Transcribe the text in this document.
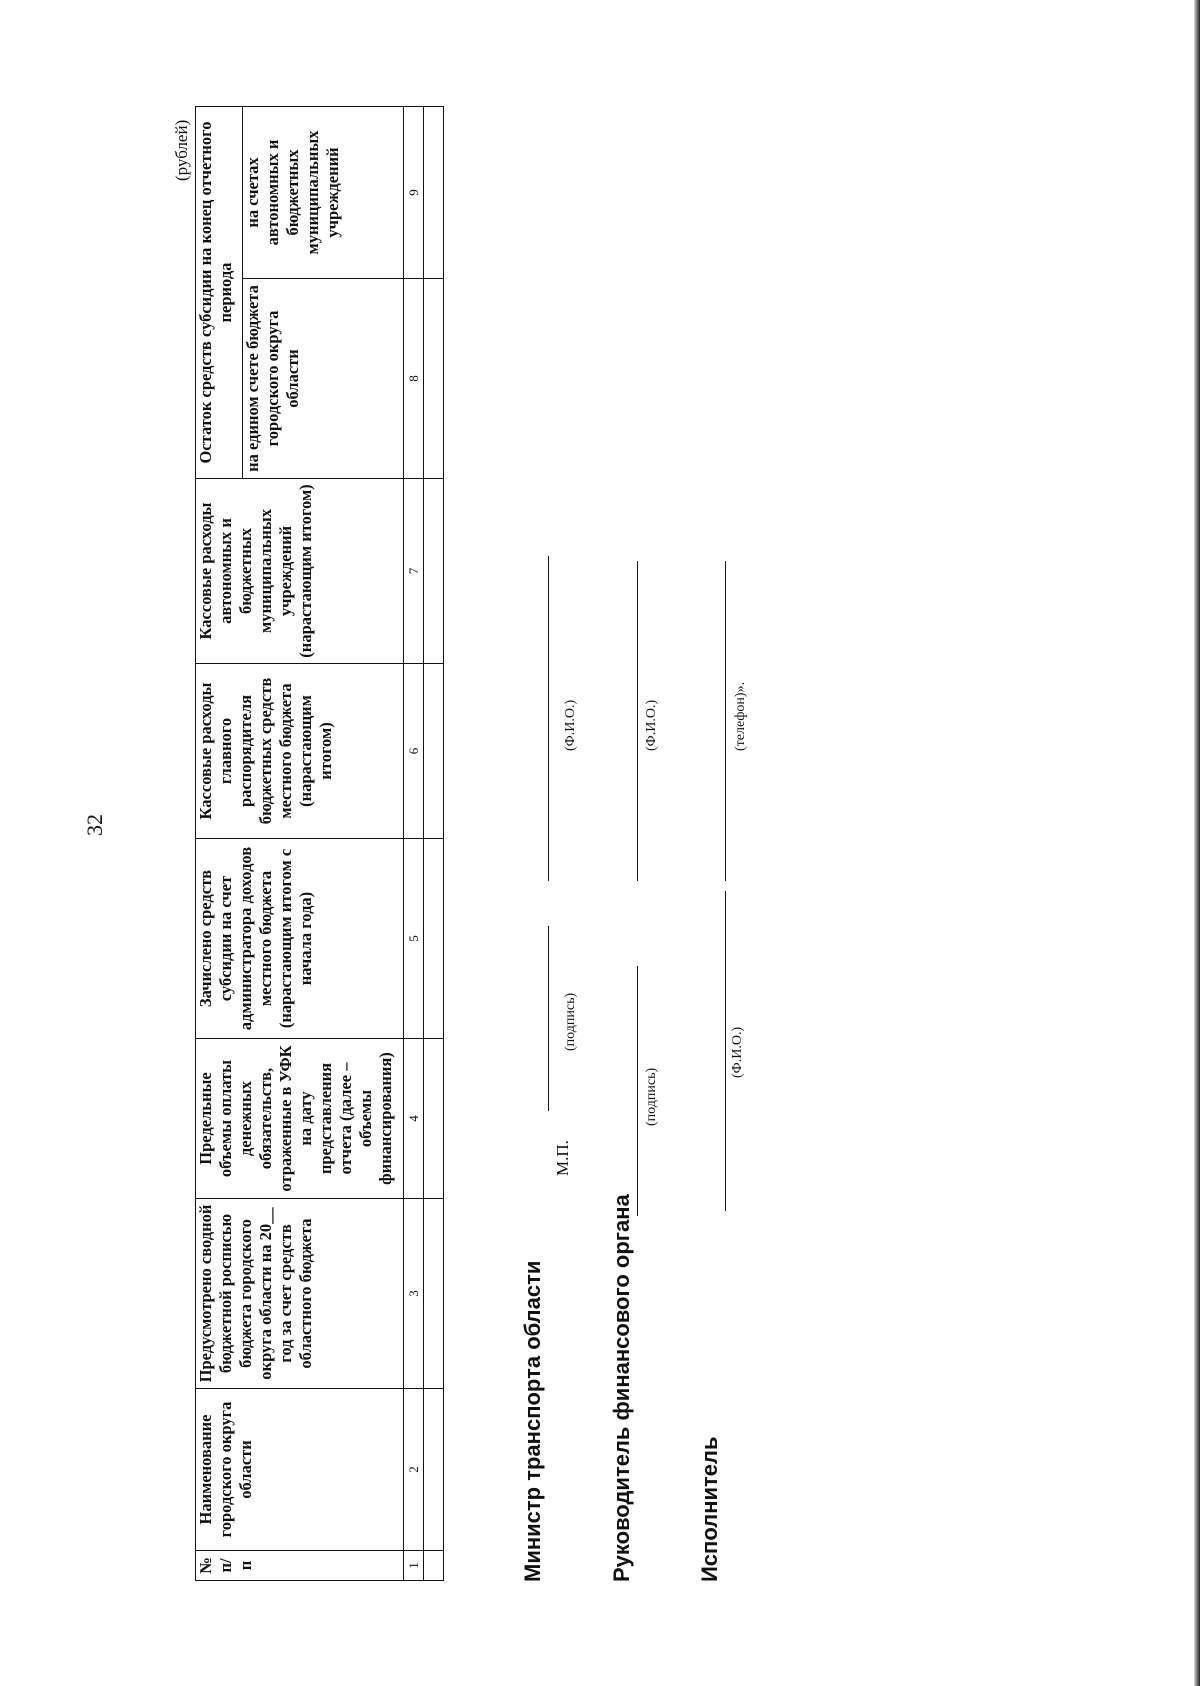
32
(рублей)
№ п/п	Наименование городского округа области	Предусмотрено сводной бюджетной росписью бюджета городского округа области на 20__ год за счет средств областного бюджета	Предельные объемы оплаты денежных обязательств, отраженные в УФК на дату представления отчета (далее – объемы финансирования)	Зачислено средств субсидии на счет администратора доходов местного бюджета (нарастающим итогом с начала года)	Кассовые расходы главного распорядителя бюджетных средств местного бюджета (нарастающим итогом)	Кассовые расходы автономных и бюджетных муниципальных учреждений (нарастающим итогом)	Остаток средств субсидии на конец отчетного периода	
							на едином счете бюджета городского округа области	на счетах автономных и бюджетных муниципальных учреждений
1	2	3	4	5	6	7	8	9

Министр транспорта области
М.П.
(подпись)
(Ф.И.О.)
Руководитель финансового органа
(подпись)
(Ф.И.О.)
Исполнитель
(Ф.И.О.)
(телефон)».
